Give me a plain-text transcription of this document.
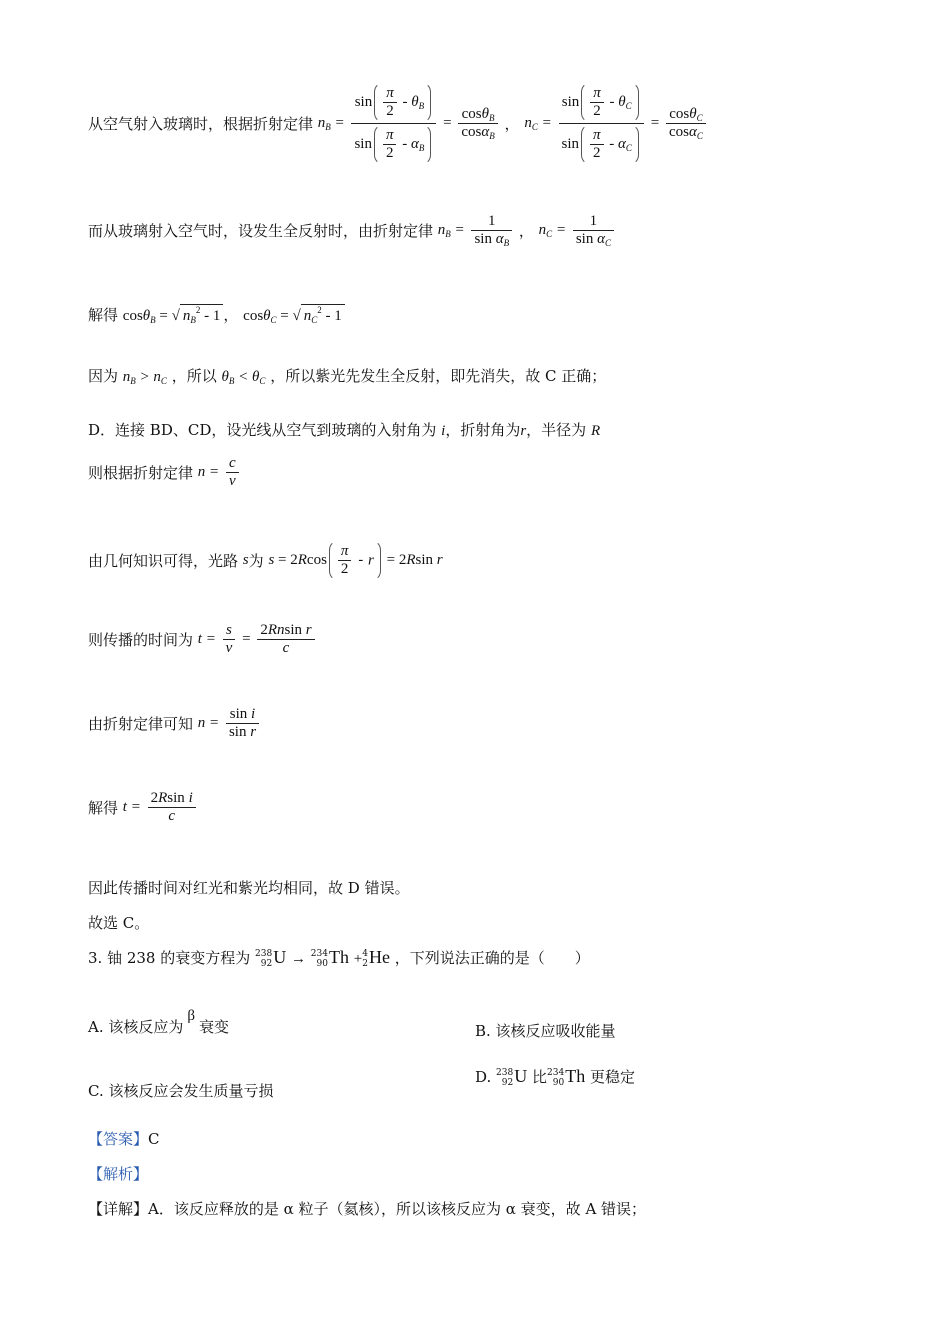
从空气射入玻璃时，根据折射定律 $n_B = \frac{\sin \frac{\pi}{2} - \theta_B}{\sin \frac{\pi}{2} - \alpha_B} = \frac{\cos\theta_B}{\cos\alpha_B}$ ， $n_C = \frac{\sin \frac{\pi}{2} - \theta_C}{\sin \frac{\pi}{2} - \alpha_C} = \frac{\cos\theta_C}{\cos\alpha_C}$
而从玻璃射入空气时，设发生全反射时，由折射定律 $n_B = \frac{1}{\sin \alpha_B}$ ， $n_C = \frac{1}{\sin \alpha_C}$
解得 cosθ$_B$ = √ $n_B^2 - 1$ ， cosθ$_C$ = √ $n_C^2 - 1$
因为 $n_B > n_C$ ，所以 $\theta_B < \theta_C$ ，所以紫光先发生全反射，即先消失，故 C 正确；
D．连接 BD、CD，设光线从空气到玻璃的入射角为 i，折射角为r，半径为 R
则根据折射定律 $n = \frac{c}{v}$
由几何知识可得，光路 s为 $s = 2Rcos \frac{\pi}{2} - r = 2Rsin$ r
则传播的时间为 $t = \frac{s}{v} = \frac{\text{2Rnsin r}}{c}$
由折射定律可知 $n = \frac{\text{sin i}}{\text{sin r}}$
解得 $t = \frac{\text{2Rsin i}}{c}$
因此传播时间对红光和紫光均相同，故 D 错误。
故选 C。
3. 铀 238 的衰变方程为 238
92U → 234
90Th +4
2He ，下列说法正确的是（　　）
A. 该核反应为β衰变	B. 该核反应吸收能量
C. 该核反应会发生质量亏损
D. 238
92U 比234
90Th 更稳定
【答案】C
【解析】
【详解】A．该反应释放的是 α 粒子（氦核），所以该核反应为 α 衰变，故 A 错误；
